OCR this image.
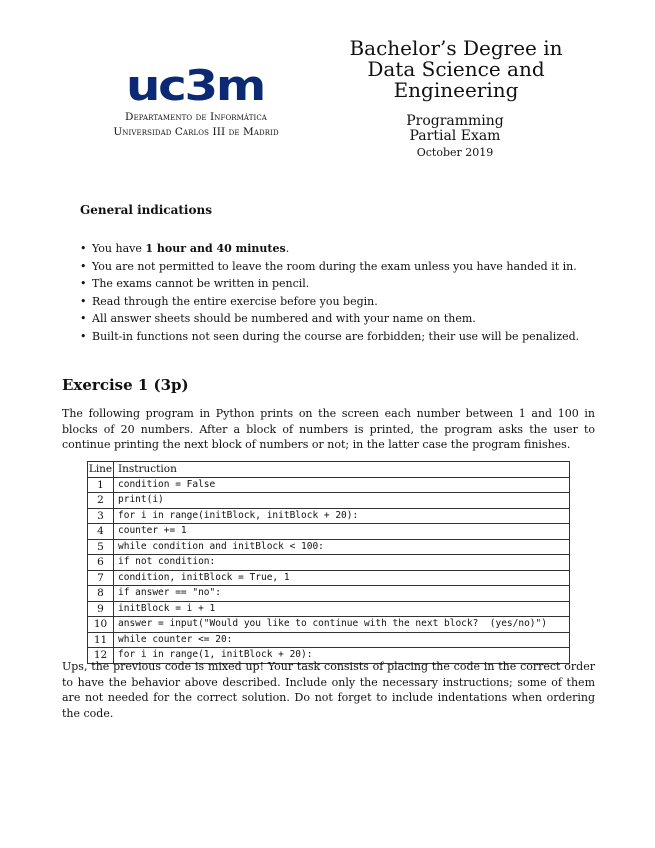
uc3m
Departamento de Informática
Universidad Carlos III de Madrid
Bachelor’s Degree in
Data Science and
Engineering
Programming
Partial Exam
October 2019
General indications
• You have 1 hour and 40 minutes.
• You are not permitted to leave the room during the exam unless you have handed it in.
• The exams cannot be written in pencil.
• Read through the entire exercise before you begin.
• All answer sheets should be numbered and with your name on them.
• Built-in functions not seen during the course are forbidden; their use will be penalized.
Exercise 1 (3p)

The following program in Python prints on the screen each number between 1 and 100 in blocks of 20 numbers. After a block of numbers is printed, the program asks the user to continue printing the next block of numbers or not; in the latter case the program finishes.

Line	Instruction
1	condition = False
2	print(i)
3	for i in range(initBlock, initBlock + 20):
4	counter += 1
5	while condition and initBlock < 100:
6	if not condition:
7	condition, initBlock = True, 1
8	if answer == "no":
9	initBlock = i + 1
10	answer = input("Would you like to continue with the next block?  (yes/no)")
11	while counter <= 20:
12	for i in range(1, initBlock + 20):

Ups, the previous code is mixed up! Your task consists of placing the code in the correct order to have the behavior above described. Include only the necessary instructions; some of them are not needed for the correct solution. Do not forget to include indentations when ordering the code.
